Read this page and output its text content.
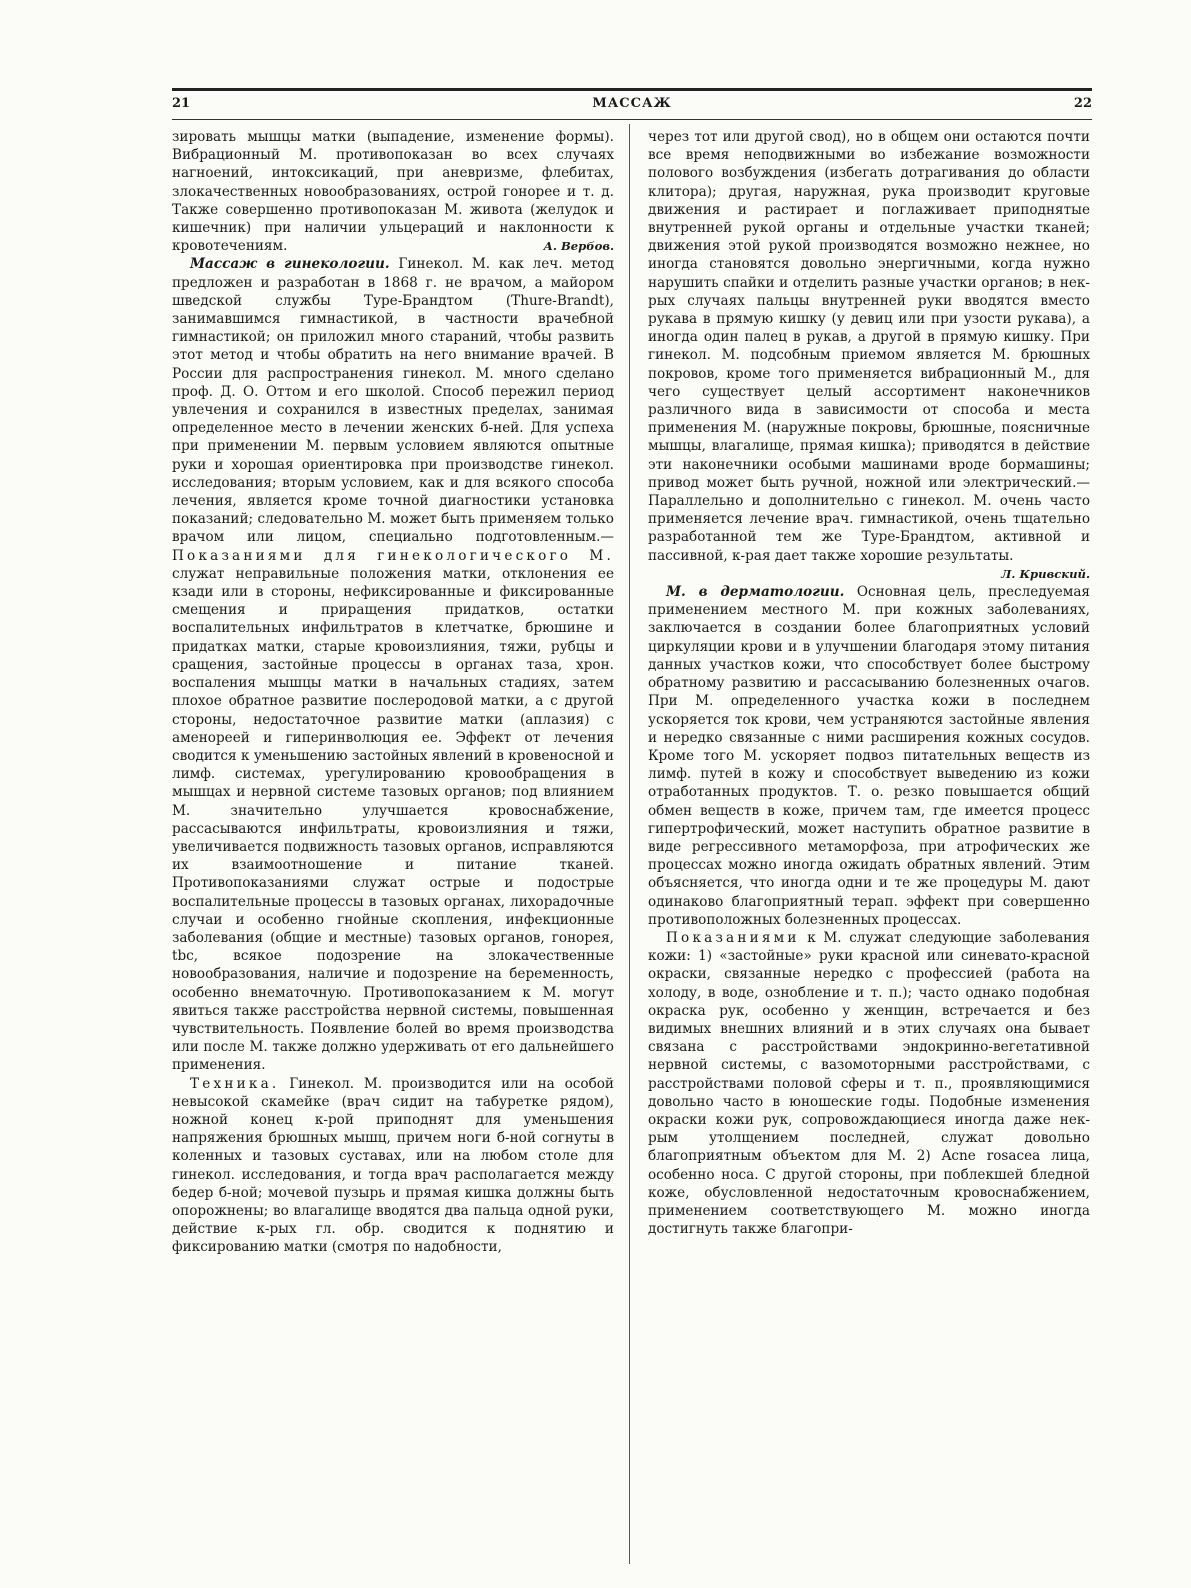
21	МАССАЖ	22

зировать мышцы матки (выпадение, изменение формы). Вибрационный М. противопоказан во всех случаях нагноений, интоксикаций, при аневризме, флебитах, злокачественных новообразованиях, острой гонорее и т. д. Также совершенно противопоказан М. живота (желудок и кишечник) при наличии ульцераций и наклонности к кровотечениям.	А. Вербов.

Массаж в гинекологии. Гинекол. М. как леч. метод предложен и разработан в 1868 г. не врачом, а майором шведской службы Туре-Брандтом (Thure-Brandt), занимавшимся гимнастикой, в частности врачебной гимнастикой; он приложил много стараний, чтобы развить этот метод и чтобы обратить на него внимание врачей. В России для распространения гинекол. М. много сделано проф. Д. О. Оттом и его школой. Способ пережил период увлечения и сохранился в известных пределах, занимая определенное место в лечении женских б-ней. Для успеха при применении М. первым условием являются опытные руки и хорошая ориентировка при производстве гинекол. исследования; вторым условием, как и для всякого способа лечения, является кроме точной диагностики установка показаний; следовательно М. может быть применяем только врачом или лицом, специально подготовленным.—Показаниями для гинекологического М. служат неправильные положения матки, отклонения ее кзади или в стороны, нефиксированные и фиксированные смещения и приращения придатков, остатки воспалительных инфильтратов в клетчатке, брюшине и придатках матки, старые кровоизлияния, тяжи, рубцы и сращения, застойные процессы в органах таза, хрон. воспаления мышцы матки в начальных стадиях, затем плохое обратное развитие послеродовой матки, а с другой стороны, недостаточное развитие матки (аплазия) с аменореей и гиперинволюция ее. Эффект от лечения сводится к уменьшению застойных явлений в кровеносной и лимф. системах, урегулированию кровообращения в мышцах и нервной системе тазовых органов; под влиянием М. значительно улучшается кровоснабжение, рассасываются инфильтраты, кровоизлияния и тяжи, увеличивается подвижность тазовых органов, исправляются их взаимоотношение и питание тканей. Противопоказаниями служат острые и подострые воспалительные процессы в тазовых органах, лихорадочные случаи и особенно гнойные скопления, инфекционные заболевания (общие и местные) тазовых органов, гонорея, tbc, всякое подозрение на злокачественные новообразования, наличие и подозрение на беременность, особенно внематочную. Противопоказанием к М. могут явиться также расстройства нервной системы, повышенная чувствительность. Появление болей во время производства или после М. также должно удерживать от его дальнейшего применения.

Техника. Гинекол. М. производится или на особой невысокой скамейке (врач сидит на табуретке рядом), ножной конец к-рой приподнят для уменьшения напряжения брюшных мышц, причем ноги б-ной согнуты в коленных и тазовых суставах, или на любом столе для гинекол. исследования, и тогда врач располагается между бедер б-ной; мочевой пузырь и прямая кишка должны быть опорожнены; во влагалище вводятся два пальца одной руки, действие к-рых гл. обр. сводится к поднятию и фиксированию матки (смотря по надобности,

через тот или другой свод), но в общем они остаются почти все время неподвижными во избежание возможности полового возбуждения (избегать дотрагивания до области клитора); другая, наружная, рука производит круговые движения и растирает и поглаживает приподнятые внутренней рукой органы и отдельные участки тканей; движения этой рукой производятся возможно нежнее, но иногда становятся довольно энергичными, когда нужно нарушить спайки и отделить разные участки органов; в нек-рых случаях пальцы внутренней руки вводятся вместо рукава в прямую кишку (у девиц или при узости рукава), а иногда один палец в рукав, а другой в прямую кишку. При гинекол. М. подсобным приемом является М. брюшных покровов, кроме того применяется вибрационный М., для чего существует целый ассортимент наконечников различного вида в зависимости от способа и места применения М. (наружные покровы, брюшные, поясничные мышцы, влагалище, прямая кишка); приводятся в действие эти наконечники особыми машинами вроде бормашины; привод может быть ручной, ножной или электрический.—Параллельно и дополнительно с гинекол. М. очень часто применяется лечение врач. гимнастикой, очень тщательно разработанной тем же Туре-Брандтом, активной и пассивной, к-рая дает также хорошие результаты.
Л. Кривский.

М. в дерматологии. Основная цель, преследуемая применением местного М. при кожных заболеваниях, заключается в создании более благоприятных условий циркуляции крови и в улучшении благодаря этому питания данных участков кожи, что способствует более быстрому обратному развитию и рассасыванию болезненных очагов. При М. определенного участка кожи в последнем ускоряется ток крови, чем устраняются застойные явления и нередко связанные с ними расширения кожных сосудов. Кроме того М. ускоряет подвоз питательных веществ из лимф. путей в кожу и способствует выведению из кожи отработанных продуктов. Т. о. резко повышается общий обмен веществ в коже, причем там, где имеется процесс гипертрофический, может наступить обратное развитие в виде регрессивного метаморфоза, при атрофических же процессах можно иногда ожидать обратных явлений. Этим объясняется, что иногда одни и те же процедуры М. дают одинаково благоприятный терап. эффект при совершенно противоположных болезненных процессах.

Показаниями к М. служат следующие заболевания кожи: 1) «застойные» руки красной или синевато-красной окраски, связанные нередко с профессией (работа на холоду, в воде, ознобление и т. п.); часто однако подобная окраска рук, особенно у женщин, встречается и без видимых внешних влияний и в этих случаях она бывает связана с расстройствами эндокринно-вегетативной нервной системы, с вазомоторными расстройствами, с расстройствами половой сферы и т. п., проявляющимися довольно часто в юношеские годы. Подобные изменения окраски кожи рук, сопровождающиеся иногда даже нек-рым утолщением последней, служат довольно благоприятным объектом для М. 2) Acne rosacea лица, особенно носа. С другой стороны, при поблекшей бледной коже, обусловленной недостаточным кровоснабжением, применением соответствующего М. можно иногда достигнуть также благопри-
